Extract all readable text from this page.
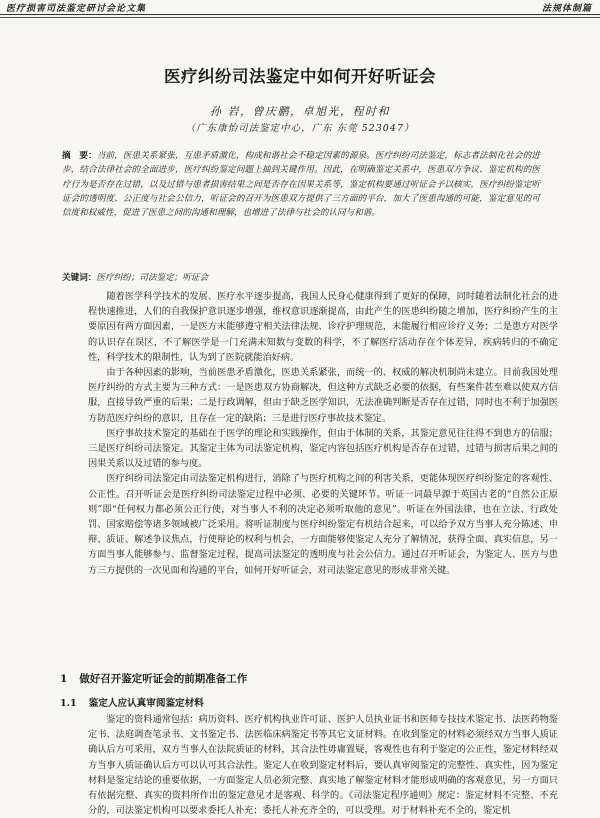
医疗损害司法鉴定研讨会论文集	法规体制篇
医疗纠纷司法鉴定中如何开好听证会
孙 岩，曾庆鹏，卓旭光，程时和
（广东康怡司法鉴定中心，广东 东莞 523047）
摘　要：当前，医患关系紧张，互患矛盾激化，构成和谐社会不稳定因素的源泉。医疗纠纷司法鉴定，标志者法制化社会的进步，结合法律社会的全面进步，医疗纠纷鉴定问题上抽到关键作用。因此，在明确鉴定关系中，医患双方争议、鉴定机构的医疗行为是否存在过错，以及过错与患者损害结果之间是否存在因果关系等，鉴定机构要通过听证会予以核实，医疗纠纷鉴定听证会的透明度、公正度与社会公信力，听证会的召开为医患双方提供了三方面的平台，加大了医患沟通的可能，鉴定意见的可信度和权威性，促进了医患之间的沟通和理解，也增进了法律与社会的认同与和谐。
关键词：医疗纠纷；司法鉴定；听证会

随着医学科学技术的发展、医疗水平逐步提高，我国人民身心健康得到了更好的保障，同时随着法制化社会的进程快速推进，人们的自我保护意识逐步增强，维权意识逐渐提高，由此产生的医患纠纷随之增加，医疗纠纷产生的主要原因有两方面因素，一是医方未能够遵守相关法律法规、诊疗护理规范，未能履行相应诊疗义务；二是患方对医学的认识存在误区，不了解医学是一门充满未知数与变数的科学，不了解医疗活动存在个体差异，疾病转归的不确定性，科学技术的限制性，认为到了医院就能治好病。

由于各种因素的影响，当前医患矛盾激化，医患关系紧张，而统一的、权威的解决机制尚未建立。目前我国处理医疗纠纷的方式主要为三种方式：一是医患双方协商解决，但这种方式缺乏必要的依据，有些案件甚至难以使双方信服，直接导致严重的后果；二是行政调解，但由于缺乏医学知识，无法准确判断是否存在过错，同时也不利于加强医方防范医疗纠纷的意识，且存在一定的缺陷；三是进行医疗事故技术鉴定。

医疗事故技术鉴定的基础在于医学的理论和实践操作，但由于体制的关系，其鉴定意见往往得不到患方的信服；三是医疗纠纷司法鉴定。其鉴定主体为司法鉴定机构，鉴定内容包括医疗机构是否存在过错，过错与损害后果之间的因果关系以及过错的参与度。

医疗纠纷司法鉴定由司法鉴定机构进行，消除了与医疗机构之间的利害关系，更能体现医疗纠纷鉴定的客观性、公正性。召开听证会是医疗纠纷司法鉴定过程中必须、必要的关键环节。听证一词最早源于英国古老的“自然公正原则”即“任何权力都必须公正行使，对当事人不利的决定必须听取他的意见”。听证在外国法律，也在立法、行政处罚、国家赔偿等诸多领域被广泛采用。将听证制度与医疗纠纷鉴定有机结合起来，可以给予双方当事人充分陈述、申辩、质证、解述争议焦点，行使辩论的权利与机会，一方面能够使鉴定人充分了解情况，获得全面、真实信息，另一方面当事人能够参与、监督鉴定过程，提高司法鉴定的透明度与社会公信力。通过召开听证会，为鉴定人、医方与患方三方提供的一次见面和沟通的平台，如何开好听证会，对司法鉴定意见的形成非常关键。

1 做好召开鉴定听证会的前期准备工作
1.1 鉴定人应认真审阅鉴定材料

鉴定的资料通常包括：病历资料、医疗机构执业许可证、医护人员执业证书和医师专技技术鉴定书、法医药物鉴定书、法庭调查笔录书、文书鉴定书、法医临床病鉴定书等其它文证材料。在收到鉴定的材料必须经双方当事人质证确认后方可采用，双方当事人在法院质证的材料，其合法性毋庸置疑，客观性也有利于鉴定的公正性，鉴定材料经双方当事人质证确认后方可以认可其合法性。鉴定人在收到鉴定材料后，要认真审阅鉴定的完整性、真实性，因为鉴定材料是鉴定结论的重要依据，一方面鉴定人员必须完整、真实地了解鉴定材料才能形成明确的客观意见，另一方面只有依据完整、真实的资料所作出的鉴定意见才是客观、科学的。《司法鉴定程序通则》规定：鉴定材料不完整、不充分的，司法鉴定机构可以要求委托人补充；委托人补充齐全的，可以受理。对于材料补充不全的，鉴定机
